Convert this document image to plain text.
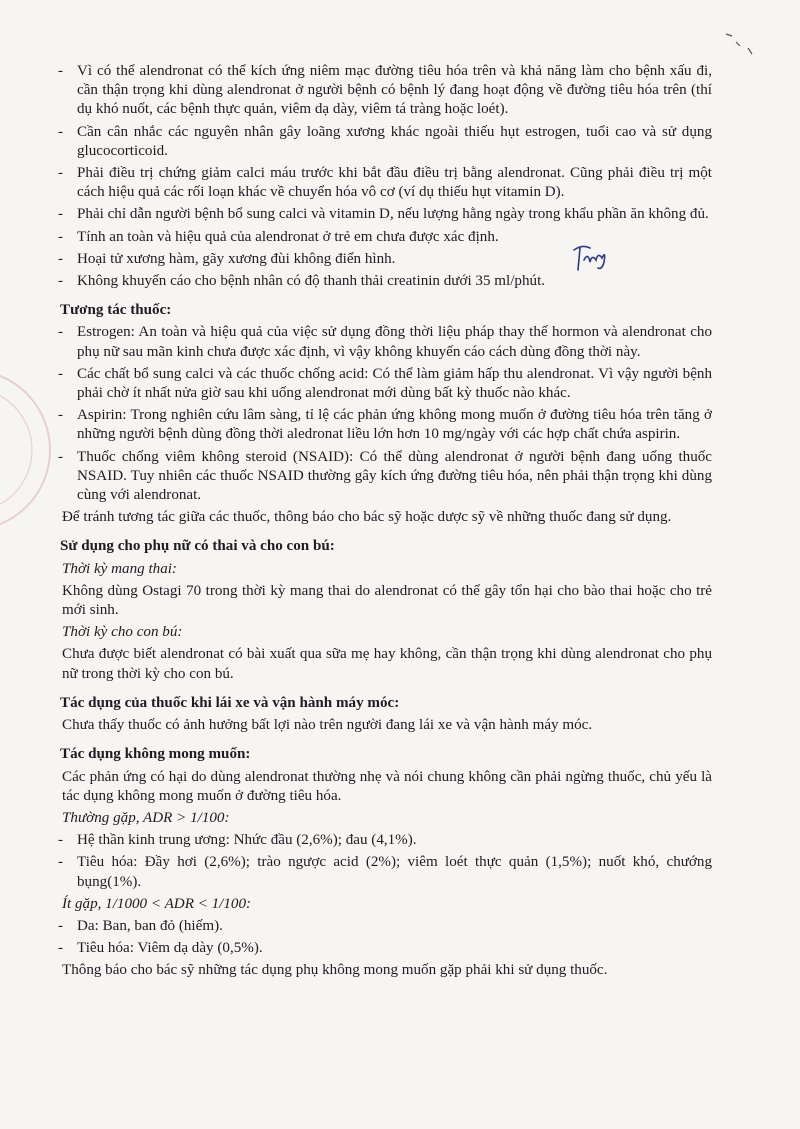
- Vì có thể alendronat có thể kích ứng niêm mạc đường tiêu hóa trên và khả năng làm cho bệnh xấu đi, cần thận trọng khi dùng alendronat ở người bệnh có bệnh lý đang hoạt động về đường tiêu hóa trên (thí dụ khó nuốt, các bệnh thực quản, viêm dạ dày, viêm tá tràng hoặc loét).
- Cần cân nhắc các nguyên nhân gây loãng xương khác ngoài thiếu hụt estrogen, tuổi cao và sử dụng glucocorticoid.
- Phải điều trị chứng giảm calci máu trước khi bắt đầu điều trị bằng alendronat. Cũng phải điều trị một cách hiệu quả các rối loạn khác về chuyển hóa vô cơ (ví dụ thiếu hụt vitamin D).
- Phải chỉ dẫn người bệnh bổ sung calci và vitamin D, nếu lượng hằng ngày trong khẩu phần ăn không đủ.
- Tính an toàn và hiệu quả của alendronat ở trẻ em chưa được xác định.
- Hoại tử xương hàm, gãy xương đùi không điển hình.
- Không khuyến cáo cho bệnh nhân có độ thanh thải creatinin dưới 35 ml/phút.
Tương tác thuốc:
- Estrogen: An toàn và hiệu quả của việc sử dụng đồng thời liệu pháp thay thế hormon và alendronat cho phụ nữ sau mãn kinh chưa được xác định, vì vậy không khuyến cáo cách dùng đồng thời này.
- Các chất bổ sung calci và các thuốc chống acid: Có thể làm giảm hấp thu alendronat. Vì vậy người bệnh phải chờ ít nhất nửa giờ sau khi uống alendronat mới dùng bất kỳ thuốc nào khác.
- Aspirin: Trong nghiên cứu lâm sàng, tỉ lệ các phản ứng không mong muốn ở đường tiêu hóa trên tăng ở những người bệnh dùng đồng thời aledronat liều lớn hơn 10 mg/ngày với các hợp chất chứa aspirin.
- Thuốc chống viêm không steroid (NSAID): Có thể dùng alendronat ở người bệnh đang uống thuốc NSAID. Tuy nhiên các thuốc NSAID thường gây kích ứng đường tiêu hóa, nên phải thận trọng khi dùng cùng với alendronat.

Để tránh tương tác giữa các thuốc, thông báo cho bác sỹ hoặc dược sỹ về những thuốc đang sử dụng.

Sử dụng cho phụ nữ có thai và cho con bú:

Thời kỳ mang thai:

Không dùng Ostagi 70 trong thời kỳ mang thai do alendronat có thể gây tổn hại cho bào thai hoặc cho trẻ mới sinh.

Thời kỳ cho con bú:

Chưa được biết alendronat có bài xuất qua sữa mẹ hay không, cần thận trọng khi dùng alendronat cho phụ nữ trong thời kỳ cho con bú.

Tác dụng của thuốc khi lái xe và vận hành máy móc:

Chưa thấy thuốc có ảnh hưởng bất lợi nào trên người đang lái xe và vận hành máy móc.

Tác dụng không mong muốn:

Các phản ứng có hại do dùng alendronat thường nhẹ và nói chung không cần phải ngừng thuốc, chủ yếu là tác dụng không mong muốn ở đường tiêu hóa.

Thường gặp, ADR > 1/100:

- Hệ thần kinh trung ương: Nhức đầu (2,6%); đau (4,1%).
- Tiêu hóa: Đầy hơi (2,6%); trào ngược acid (2%); viêm loét thực quản (1,5%); nuốt khó, chướng bụng(1%).

Ít gặp, 1/1000 < ADR < 1/100:

- Da: Ban, ban đỏ (hiếm).
- Tiêu hóa: Viêm dạ dày (0,5%).

Thông báo cho bác sỹ những tác dụng phụ không mong muốn gặp phải khi sử dụng thuốc.
